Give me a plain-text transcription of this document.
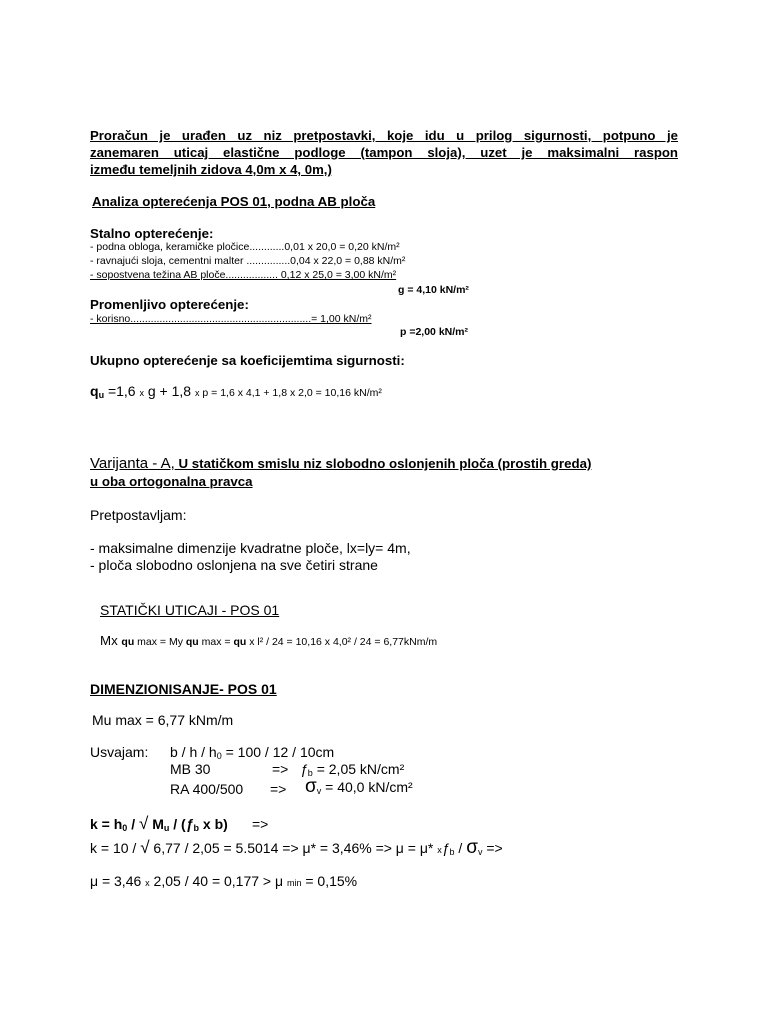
Proračun je urađen uz niz pretpostavki, koje idu u prilog sigurnosti, potpuno je
zanemaren uticaj elastične podloge (tampon sloja), uzet je maksimalni raspon
između temeljnih zidova 4,0m x 4, 0m,)
Analiza opterećenja POS 01, podna AB ploča
Stalno opterećenje:
- podna obloga, keramičke pločice............0,01 x 20,0 = 0,20 kN/m²
- ravnajući sloja, cementni malter ...............0,04 x 22,0 = 0,88 kN/m²
- sopostvena težina AB ploče.................. 0,12 x 25,0 = 3,00 kN/m²
g = 4,10 kN/m²
Promenljivo opterećenje:
- korisno..............................................................= 1,00 kN/m²
p =2,00 kN/m²
Ukupno opterećenje sa koeficijemtima sigurnosti:
$q_u =1,6$ x g + 1,8 x p = 1,6 x 4,1 + 1,8 x 2,0 = 10,16 kN/m²
Varijanta - A, U statičkom smislu niz slobodno oslonjenih ploča (prostih greda)
u oba ortogonalna pravca
Pretpostavljam:
- maksimalne dimenzije kvadratne ploče, lx=ly= 4m,
- ploča slobodno oslonjena na sve četiri strane
STATIČKI UTICAJI - POS 01
Mx qu max = My qu max = qu x l² / 24 = 10,16 x 4,0² / 24 = 6,77kNm/m
DIMENZIONISANJE- POS 01
Mu max = 6,77 kNm/m
Usvajam: $b / h / h_0 = 100 / 12 / 10cm$
MB 30	=> $ƒ_b = 2,05$ kN/cm²
RA $400/500 => \sigma_v = 40,0$ kN/cm²
$k = h_0$ / √ $M_u$ / ($ƒ_b$ x b) =>
k = 10 / √ 6,77 / 2,05 = 5.5014 => μ* = 3,46% => μ = μ* $xƒ_b / \sigma_v$ =>
μ = 3,46 x 2,05 / 40 = 0,177 > μ min = 0,15%
